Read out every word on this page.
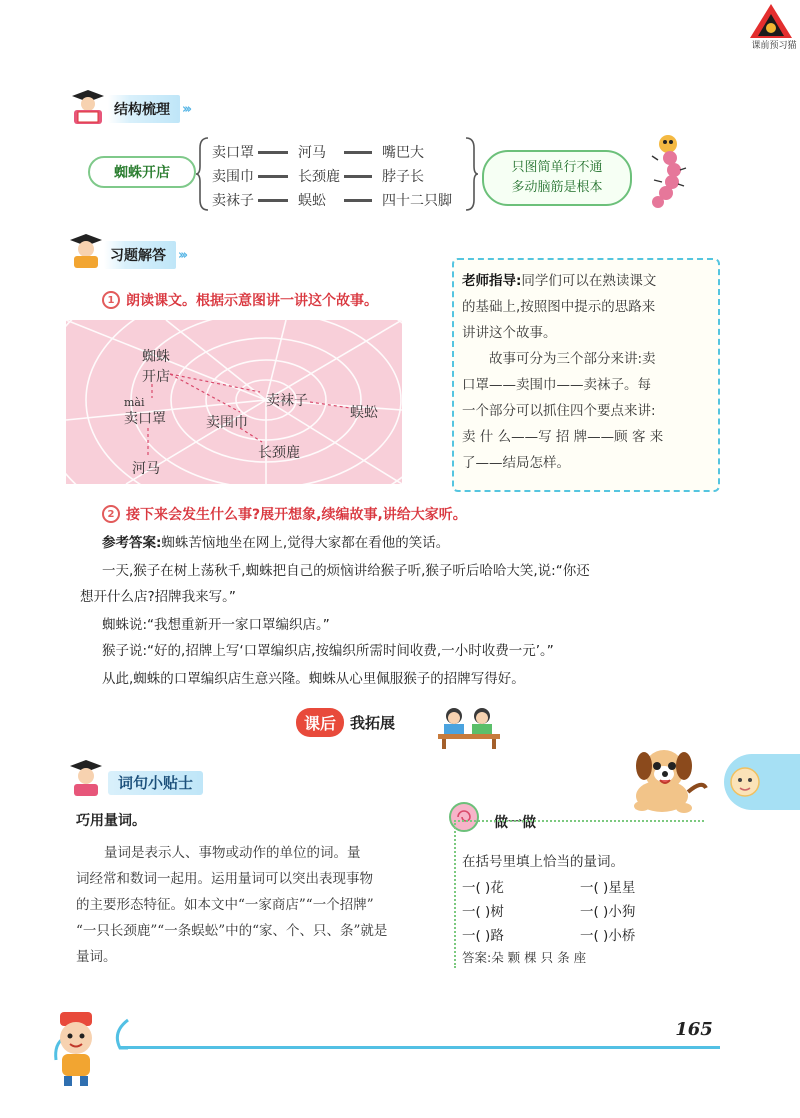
课前预习猫
结构梳理 ›››
蜘蛛开店
卖口罩	河马	嘴巴大
卖围巾	长颈鹿	脖子长
卖袜子	蜈蚣	四十二只脚
只图简单行不通
多动脑筋是根本
习题解答 ›››
1 朗读课文。根据示意图讲一讲这个故事。
蜘蛛
开店
mài
卖口罩	卖围巾
卖袜子
河马
长颈鹿
蜈蚣
老师指导:同学们可以在熟读课文
的基础上,按照图中提示的思路来
讲讲这个故事。
故事可分为三个部分来讲:卖
口罩——卖围巾——卖袜子。每
一个部分可以抓住四个要点来讲:
卖 什 么——写 招 牌——顾 客 来
了——结局怎样。
2 接下来会发生什么事?展开想象,续编故事,讲给大家听。
参考答案:蜘蛛苦恼地坐在网上,觉得大家都在看他的笑话。
一天,猴子在树上荡秋千,蜘蛛把自己的烦恼讲给猴子听,猴子听后哈哈大笑,说:“你还
想开什么店?招牌我来写。”
蜘蛛说:“我想重新开一家口罩编织店。”
猴子说:“好的,招牌上写‘口罩编织店,按编织所需时间收费,一小时收费一元’。”
从此,蜘蛛的口罩编织店生意兴隆。蜘蛛从心里佩服猴子的招牌写得好。
课 后 我拓展
词句小贴士
巧用量词。
量词是表示人、事物或动作的单位的词。量
词经常和数词一起用。运用量词可以突出表现事物
的主要形态特征。如本文中“一家商店”“一个招牌”
“一只长颈鹿”“一条蜈蚣”中的“家、个、只、条”就是
量词。
做一做
在括号里填上恰当的量词。
一( )花	一( )星星
一( )树	一( )小狗
一( )路	一( )小桥
答案:朵 颗 棵 只 条 座
165
